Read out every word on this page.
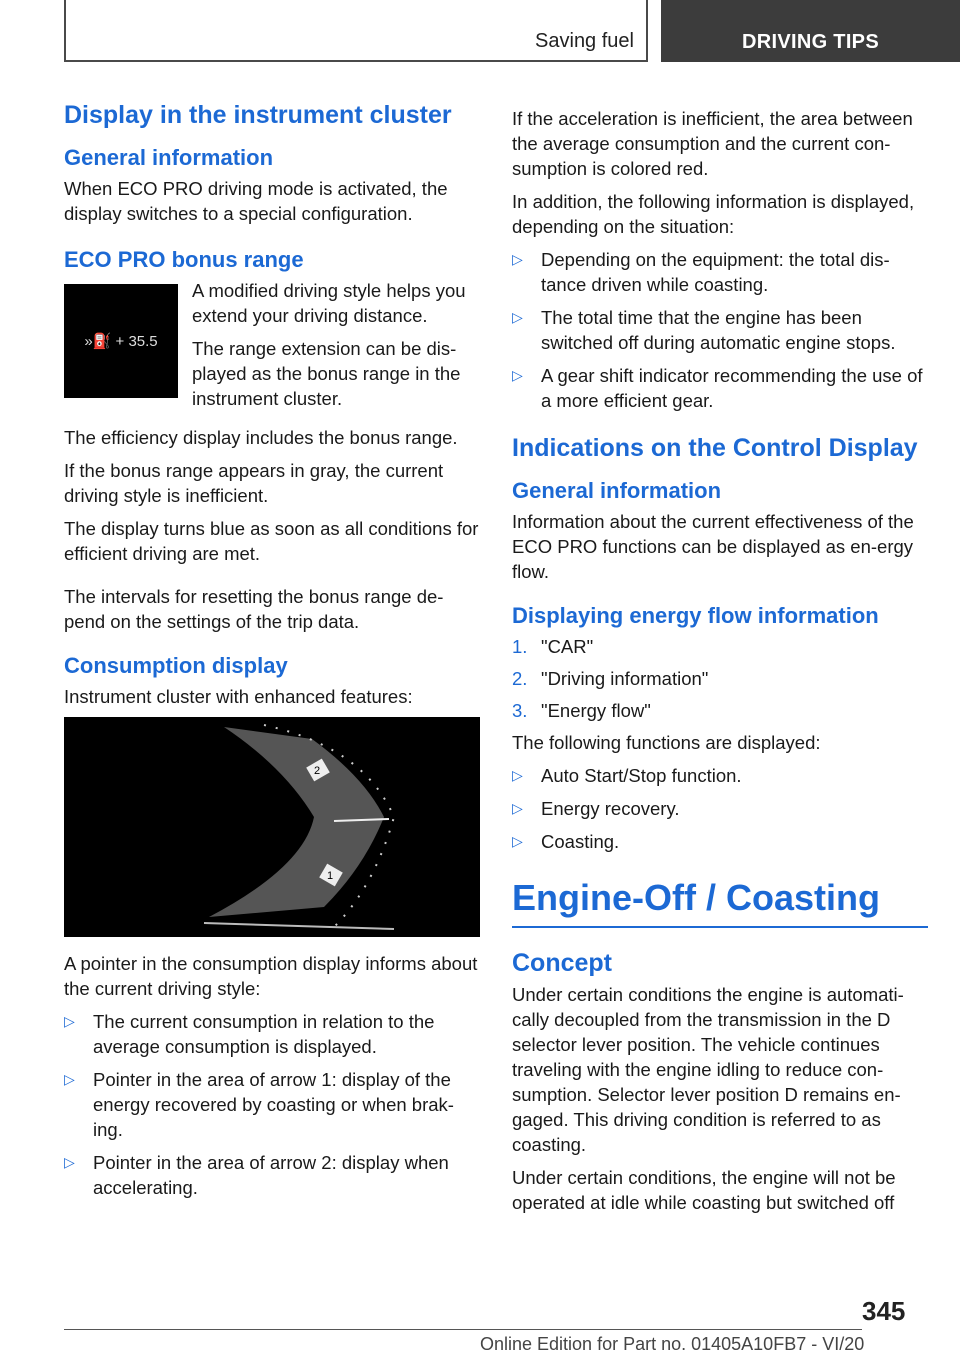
Saving fuel	DRIVING TIPS
Display in the instrument cluster
General information

When ECO PRO driving mode is activated, the display switches to a special configuration.

ECO PRO bonus range
»⛽ + 35.5

A modified driving style helps you extend your driving distance.

The range extension can be dis-played as the bonus range in the instrument cluster.

The efficiency display includes the bonus range.

If the bonus range appears in gray, the current driving style is inefficient.

The display turns blue as soon as all conditions for efficient driving are met.

The intervals for resetting the bonus range de-pend on the settings of the trip data.

Consumption display

Instrument cluster with enhanced features:

2
1

A pointer in the consumption display informs about the current driving style:

▷ The current consumption in relation to the average consumption is displayed.
▷ Pointer in the area of arrow 1: display of the energy recovered by coasting or when brak-ing.
▷ Pointer in the area of arrow 2: display when accelerating.

If the acceleration is inefficient, the area between the average consumption and the current con-sumption is colored red.

In addition, the following information is displayed, depending on the situation:

▷ Depending on the equipment: the total dis-tance driven while coasting.
▷ The total time that the engine has been switched off during automatic engine stops.
▷ A gear shift indicator recommending the use of a more efficient gear.
Indications on the Control Display
General information

Information about the current effectiveness of the ECO PRO functions can be displayed as en-ergy flow.

Displaying energy flow information
1. "CAR"
2. "Driving information"
3. "Energy flow"

The following functions are displayed:

▷ Auto Start/Stop function.
▷ Energy recovery.
▷ Coasting.
Engine-Off / Coasting
Concept

Under certain conditions the engine is automati-cally decoupled from the transmission in the D selector lever position. The vehicle continues traveling with the engine idling to reduce con-sumption. Selector lever position D remains en-gaged. This driving condition is referred to as coasting.

Under certain conditions, the engine will not be operated at idle while coasting but switched off

345
Online Edition for Part no. 01405A10FB7 - VI/20
